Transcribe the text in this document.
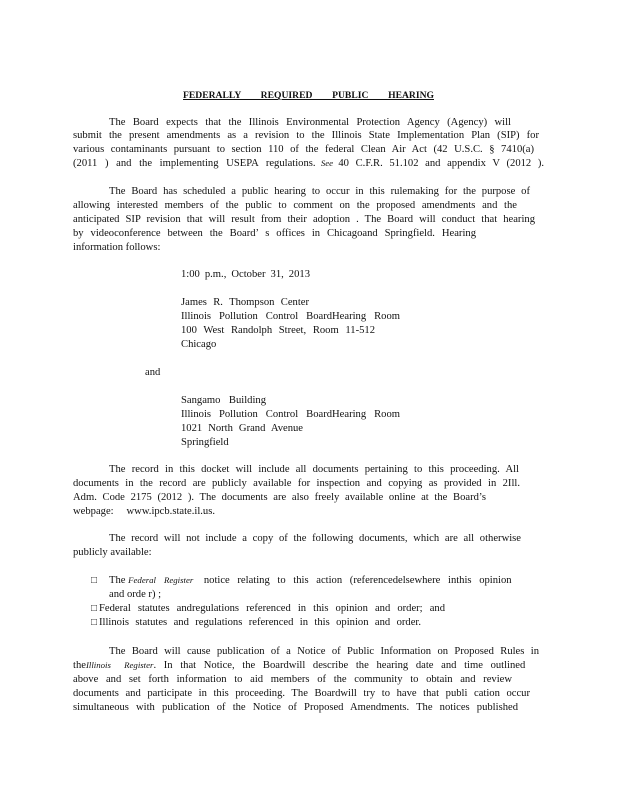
FEDERALLY REQUIRED PUBLIC HEARING
The Board expects that the Illinois Environmental Protection Agency (Agency) will
submit the present amendments as a revision to the Illinois State Implementation Plan (SIP) for
various contaminants pursuant to section 110 of the federal Clean Air Act (42 U.S.C. § 7410(a)
(2011 ) and the implementing USEPA regulations. See 40 C.F.R. 51.102 and appendix V (2012 ).
The Board has scheduled a public hearing to occur in this rulemaking for the purpose of
allowing interested members of the public to comment on the proposed amendments and the
anticipated SIP revision that will result from their adoption . The Board will conduct that hearing
by videoconference between the Board’ s offices in Chicagoand Springfield. Hearing
information follows:
1:00 p.m., October 31, 2013
James R. Thompson Center
Illinois Pollution Control BoardHearing Room
100 West Randolph Street, Room 11-512
Chicago
and
Sangamo Building
Illinois Pollution Control BoardHearing Room
1021 North Grand Avenue
Springfield
The record in this docket will include all documents pertaining to this proceeding. All
documents in the record are publicly available for inspection and copying as provided in 2Ill.
Adm. Code 2175 (2012 ). The documents are also freely available online at the Board’s
webpage: www.ipcb.state.il.us.
The record will not include a copy of the following documents, which are all otherwise
publicly available:
□ The Federal Register notice relating to this action (referencedelsewhere inthis opinion
and orde r) ;
□ Federal statutes andregulations referenced in this opinion and order; and
□ Illinois statutes and regulations referenced in this opinion and order.
The Board will cause publication of a Notice of Public Information on Proposed Rules in
theIllinois Register. In that Notice, the Boardwill describe the hearing date and time outlined
above and set forth information to aid members of the community to obtain and review
documents and participate in this proceeding. The Boardwill try to have that publi cation occur
simultaneous with publication of the Notice of Proposed Amendments. The notices published
